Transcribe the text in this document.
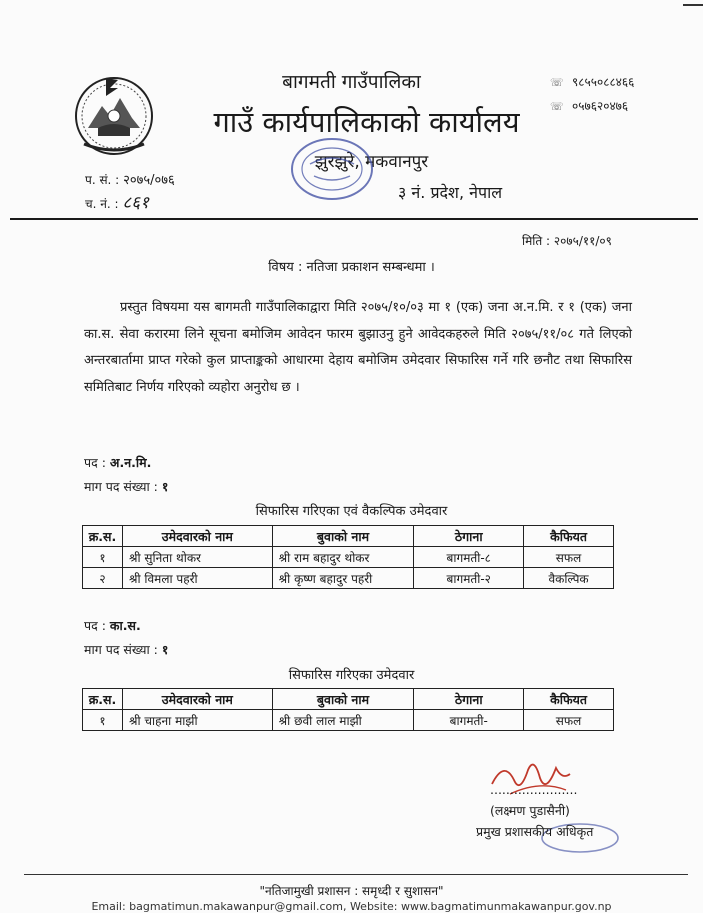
बागमती गाउँपालिका
गाउँ कार्यपालिकाको कार्यालय
झुरझुरे, मकवानपुर
३ नं. प्रदेश, नेपाल
☏ ९८५५०८८४६६
☏ ०५७६२०४७६
प. सं. : २०७५/०७६
च. नं. : ८६१
मिति : २०७५/११/०९
विषय : नतिजा प्रकाशन सम्बन्धमा ।
प्रस्तुत विषयमा यस बागमती गाउँपालिकाद्वारा मिति २०७५/१०/०३ मा १ (एक) जना अ.न.मि. र १ (एक) जना का.स. सेवा करारमा लिने सूचना बमोजिम आवेदन फारम बुझाउनु हुने आवेदकहरुले मिति २०७५/११/०८ गते लिएको अन्तरबार्तामा प्राप्त गरेको कुल प्राप्ताङ्कको आधारमा देहाय बमोजिम उमेदवार सिफारिस गर्ने गरि छनौट तथा सिफारिस समितिबाट निर्णय गरिएको व्यहोरा अनुरोध छ ।
पद : अ.न.मि.
माग पद संख्या : १
सिफारिस गरिएका एवं वैकल्पिक उमेदवार
क्र.स.	उमेदवारको नाम	बुवाको नाम	ठेगाना	कैफियत
१	श्री सुनिता थोकर	श्री राम बहादुर थोकर	बागमती-८	सफल
२	श्री विमला पहरी	श्री कृष्ण बहादुर पहरी	बागमती-२	वैकल्पिक
पद : का.स.
माग पद संख्या : १
सिफारिस गरिएका उमेदवार
क्र.स.	उमेदवारको नाम	बुवाको नाम	ठेगाना	कैफियत
१	श्री चाहना माझी	श्री छवी लाल माझी	बागमती-	सफल
......................
(लक्ष्मण पुडासैनी)
प्रमुख प्रशासकीय अधिकृत
"नतिजामुखी प्रशासन : समृध्दी र सुशासन"
Email: bagmatimun.makawanpur@gmail.com, Website: www.bagmatimunmakawanpur.gov.np
